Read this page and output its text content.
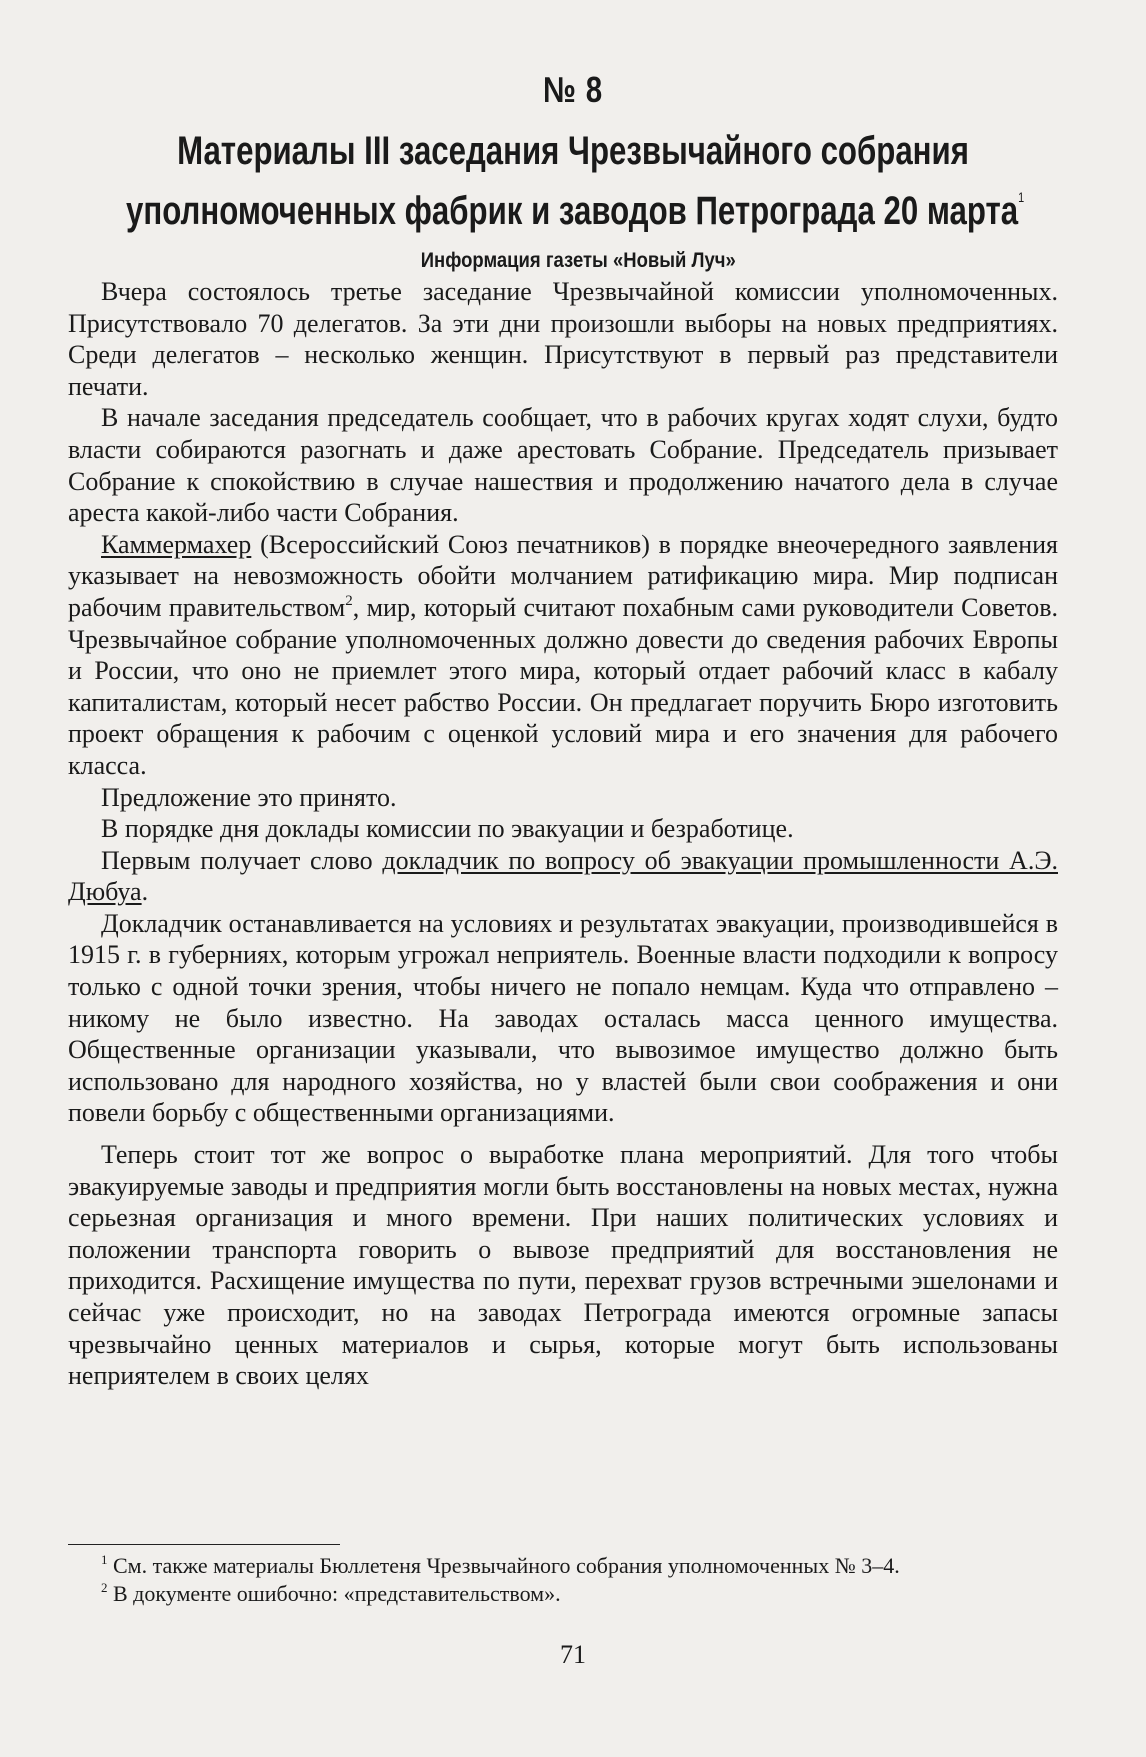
№ 8
Материалы III заседания Чрезвычайного собрания
уполномоченных фабрик и заводов Петрограда 20 марта$^1$
Информация газеты «Новый Луч»

Вчера состоялось третье заседание Чрезвычайной комиссии уполномоченных. Присутствовало 70 делегатов. За эти дни произошли выборы на новых предприятиях. Среди делегатов – несколько женщин. Присутствуют в первый раз представители печати.

В начале заседания председатель сообщает, что в рабочих кругах ходят слухи, будто власти собираются разогнать и даже арестовать Собрание. Председатель призывает Собрание к спокойствию в случае нашествия и продолжению начатого дела в случае ареста какой-либо части Собрания.

Каммермахер (Всероссийский Союз печатников) в порядке внеочередного заявления указывает на невозможность обойти молчанием ратификацию мира. Мир подписан рабочим правительством$^2$, мир, который считают похабным сами руководители Советов. Чрезвычайное собрание уполномоченных должно довести до сведения рабочих Европы и России, что оно не приемлет этого мира, который отдает рабочий класс в кабалу капиталистам, который несет рабство России. Он предлагает поручить Бюро изготовить проект обращения к рабочим с оценкой условий мира и его значения для рабочего класса.

Предложение это принято.

В порядке дня доклады комиссии по эвакуации и безработице.

Первым получает слово докладчик по вопросу об эвакуации промышленности А.Э. Дюбуа.

Докладчик останавливается на условиях и результатах эвакуации, производившейся в 1915 г. в губерниях, которым угрожал неприятель. Военные власти подходили к вопросу только с одной точки зрения, чтобы ничего не попало немцам. Куда что отправлено – никому не было известно. На заводах осталась масса ценного имущества. Общественные организации указывали, что вывозимое имущество должно быть использовано для народного хозяйства, но у властей были свои соображения и они повели борьбу с общественными организациями.

Теперь стоит тот же вопрос о выработке плана мероприятий. Для того чтобы эвакуируемые заводы и предприятия могли быть восстановлены на новых местах, нужна серьезная организация и много времени. При наших политических условиях и положении транспорта говорить о вывозе предприятий для восстановления не приходится. Расхищение имущества по пути, перехват грузов встречными эшелонами и сейчас уже происходит, но на заводах Петрограда имеются огромные запасы чрезвычайно ценных материалов и сырья, которые могут быть использованы неприятелем в своих целях

$^1$ См. также материалы Бюллетеня Чрезвычайного собрания уполномоченных № 3–4.

$^2$ В документе ошибочно: «представительством».

71
